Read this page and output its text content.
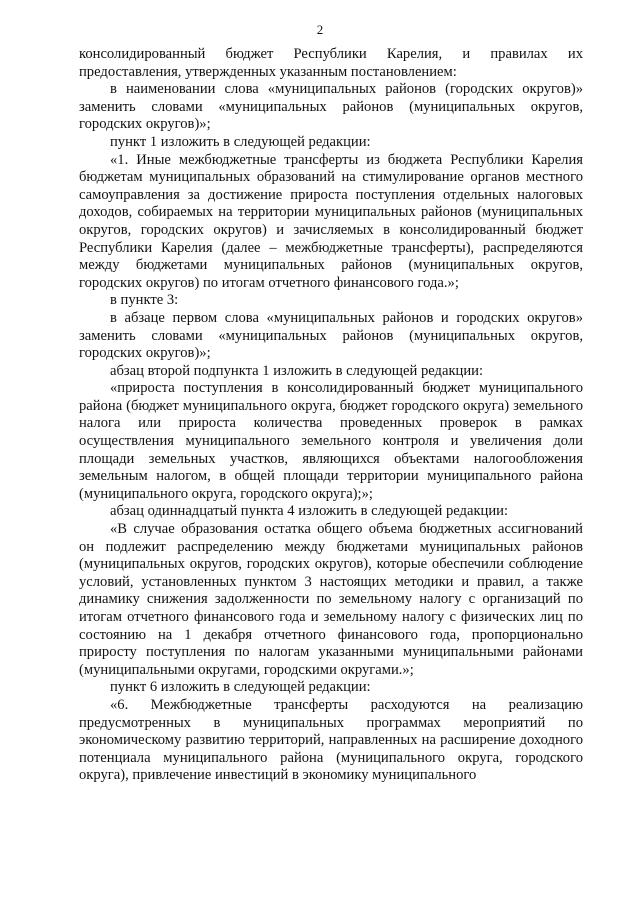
2

консолидированный бюджет Республики Карелия, и правилах их предоставления, утвержденных указанным постановлением:

в наименовании слова «муниципальных районов (городских округов)» заменить словами «муниципальных районов (муниципальных округов, городских округов)»;

пункт 1 изложить в следующей редакции:

«1. Иные межбюджетные трансферты из бюджета Республики Карелия бюджетам муниципальных образований на стимулирование органов местного самоуправления за достижение прироста поступления отдельных налоговых доходов, собираемых на территории муниципальных районов (муниципальных округов, городских округов) и зачисляемых в консолидированный бюджет Республики Карелия (далее – межбюджетные трансферты), распределяются между бюджетами муниципальных районов (муниципальных округов, городских округов) по итогам отчетного финансового года.»;

в пункте 3:

в абзаце первом слова «муниципальных районов и городских округов» заменить словами «муниципальных районов (муниципальных округов, городских округов)»;

абзац второй подпункта 1 изложить в следующей редакции:

«прироста поступления в консолидированный бюджет муниципального района (бюджет муниципального округа, бюджет городского округа) земельного налога или прироста количества проведенных проверок в рамках осуществления муниципального земельного контроля и увеличения доли площади земельных участков, являющихся объектами налогообложения земельным налогом, в общей площади территории муниципального района (муниципального округа, городского округа);»;

абзац одиннадцатый пункта 4 изложить в следующей редакции:

«В случае образования остатка общего объема бюджетных ассигнований он подлежит распределению между бюджетами муниципальных районов (муниципальных округов, городских округов), которые обеспечили соблюдение условий, установленных пунктом 3 настоящих методики и правил, а также динамику снижения задолженности по земельному налогу с организаций по итогам отчетного финансового года и земельному налогу с физических лиц по состоянию на 1 декабря отчетного финансового года, пропорционально приросту поступления по налогам указанными муниципальными районами (муниципальными округами, городскими округами.»;

пункт 6 изложить в следующей редакции:

«6. Межбюджетные трансферты расходуются на реализацию предусмотренных в муниципальных программах мероприятий по экономическому развитию территорий, направленных на расширение доходного потенциала муниципального района (муниципального округа, городского округа), привлечение инвестиций в экономику муниципального
